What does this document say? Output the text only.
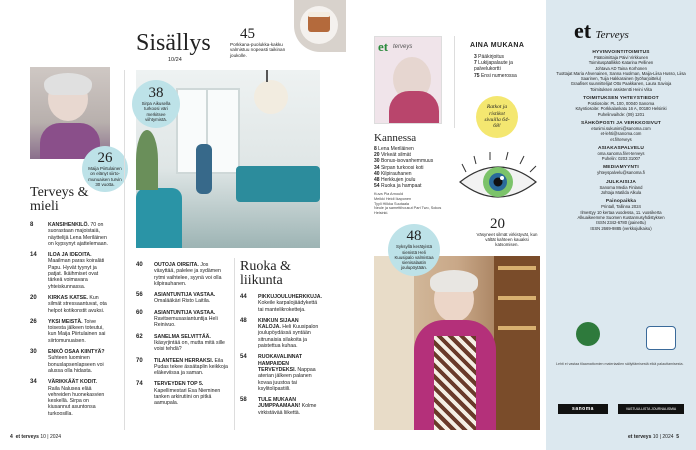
26
Maija Piirtulainen on elänyt siirto-munuaisen turvin 30 vuotta.
Terveys & mieli
8	KANSIHENKILÖ. 70 on suorastaan majoistaiä, näyttelijä Lena Meriläinen on kypsynyt ajattelemaan.
14	ILOA JA IDEOITA. Maailman paras koiraläti Papu. Hyvät tyynyt ja patjat. Ikäihmiset ovat tärkeä voimavara yhteiskunnassa.
20	KIRKAS KATSE. Kun silmät stressaantuvat, ota helpot kotikonstit avuksi.
26	YKSI MEISTÄ. Toive toisesta jälkeen toteutui, kun Maija Piirtulainen sai siirtomunuaisen.
30	ENKÖ OSAA KIINTYÄ? Suhteen luominen bonuslapsenlapseen voi alussa olla hidasta.
34	VÄRIKKÄÄT KODIT. Raila Nalusea elää vehreiden huonekasvien keskellä. Sirpa on kiusannut asuntonsa turkoosilla.
Sisällys
10/24
45
Porkkana-puolukka-kakku valmistuu nopeasti taikinan joukolle.
38
Sirpa Aikusella turkoosi väri merkitsee viihtymistä.
40	OUTOJA OIREITA. Jos väsyttää, palelee ja sydämen rytmi vaihtelee, syynä voi olla kilpirauhanen.
56	ASIANTUNTIJA VASTAA. Omalääkäri Risto Laitila.
60	ASIANTUNTIJA VASTAA. Ravitsemusasiantuntija Heli Reinivuo.
62	SANELMA SELVITTÄÄ. Ikäsyrjintää on, mutta mitä sille voisi tehdä?
70	TILANTEEN HERRAKSI. Eila Pudas tekee ässätaplin keikkoja eläkeviissa ja saman.
74	TERVEYDEN TOP 5. Kapellimestari Esa Nieminen tanken arkirutiini on pitkä aamupala.
Ruoka & liikunta
44	PIKKUJOULUHERKKUJA. Kokeile karpalojäädykettä tai mantelikroketteja.
48	KINKUN SIJAAN KALOJA. Heli Kuusipalon joulupöydässä syntään sitrunaisia silakoita ja paistettua kuhaa.
54	RUOKAVALINNAT HAMPAIDEN TERVEYDEKSI. Nappaa aterian jälkeen palanen kovaa juustoa tai ksylitolipastiili.
58	TULE MUKAAN JUMPPAAMAAN! Kolme virkistävää liikettä.
4 et terveys 10 | 2024
et terveys	AINA MUKANA
3 Pääkirjoitus
7 Lukijapalaute ja palvelukortti
75 Ensi numerossa
Ratkot ja ristikot sivuilla 64-68!
Kannessa
8 Lena Meriläinen
20 Virkeät silmät
30 Bonus-isovanhemmuus
34 Sirpan turkoosi koti
40 Kilpirauhanen
48 Herkkujen joulu
54 Ruoka ja hampaat
Kuva Pia Arnould
Meikki Heidi Ikaponen
Tyyli Hilkka Suutaala
Neule ja samettihousut Part Two, Sokos Helsinki.
20
Väsyneet silmät virkistyvät, kun vältät kahteen kauaksi katsomisen.
48
Syksyllä kerätyistä sienistä Heli Kuusipalo valmistaa sienisalaatin joulupöytään.
et Terveys
HYVINVOINTITOIMITUS
Päätoimittaja Päivi Virkkunen
Toimituspäällikkö Katarina Pellinen
Johtava AD Taina Korhonen
Tuottajat Maria Ahvenainen, Sanna Huolman, Maija-Liisa Husso, Liisa Saarinen, Tuija Hakkarainen (työharjoittelu)
Graafiset suunnittelijat Otto Paakkanen, Laura Savioja
Toimituksen assistentti Heini Viita
TOIMITUKSEN YHTEYSTIEDOT
Postiosoite: PL 100, 00040 Sanoma
Käyntiosoite: Porkkalankatu 16 A, 00180 Helsinki
Puhelinvaihde: (09) 1201
SÄHKÖPOSTI JA VERKKOSIVUT
etunimi.sukunimi@sanoma.com
et-lehti@sanoma.com
et.fi/terveys
ASIAKASPALVELU
oma.sanoma.fi/et-terveys
Puhelin: 0203 31007
MEDIAMYYNTI
yhteyspalvelu@sanoma.fi
JULKAISIJA
Sanoma Media Finland
Johtaja Matilda Alkula
Painopaikka
Printall, Tallinna 2024
Ilmestyy 10 kertaa vuodessa, 11. vuosikerta
Alkuaikeemme Suomen Kustannusyhdistyksen
ISSN 2342-6780 (painettu)
ISSN 2669-9885 (verkkojulkaisu)
Lehti ei vastaa tilaamattomien materiaalien säilyttämisestä eikä palauttamisesta.
sanoma	VASTUULLISTA JOURNALISMIA
et terveys 10 | 2024 5
